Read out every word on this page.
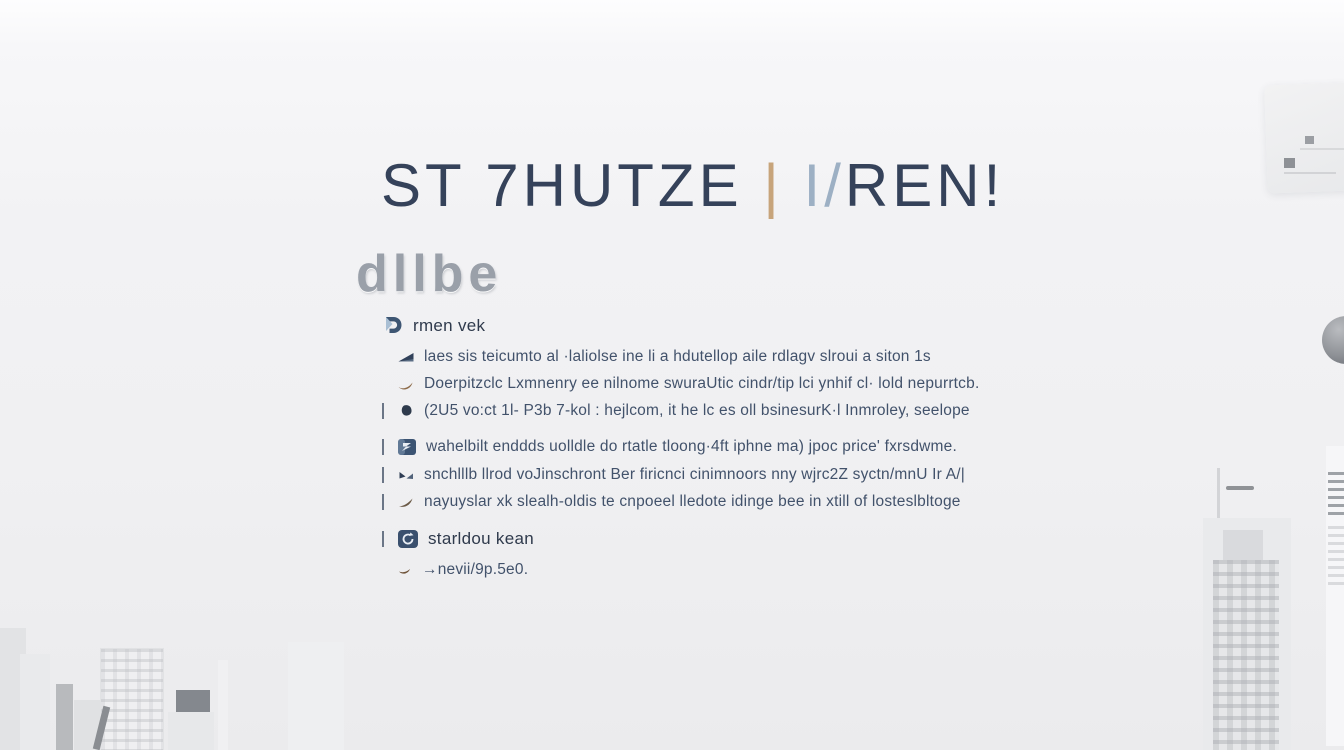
ST 7HUTZE | I/REN!
dllbe
rmen vek
laes sis teicumto al ·laliolse ine li a hdutellop aile rdlagv slroui a siton 1s
Doerpitzclc Lxmnenry ee nilnome swuraUtic cindr/tip lci ynhif cl· lold nepurrtcb.
(2U5 vo:ct 1l- P3b 7-kol : hejlcom, it he lc es oll bsinesurK·l Inmroley, seelope
wahelbilt enddds uolldle do rtatle tloong·4ft iphne ma) jpoc price' fxrsdwme.
snchlllb llrod voJinschront Ber firicnci cinimnoors nny wjrc2Z syctn/mnU Ir A/|
nayuyslar xk slealh-oldis te cnpoeel lledote idinge bee in xtill of losteslbltoge
starldou kean
→nevii/9p.5e0.
